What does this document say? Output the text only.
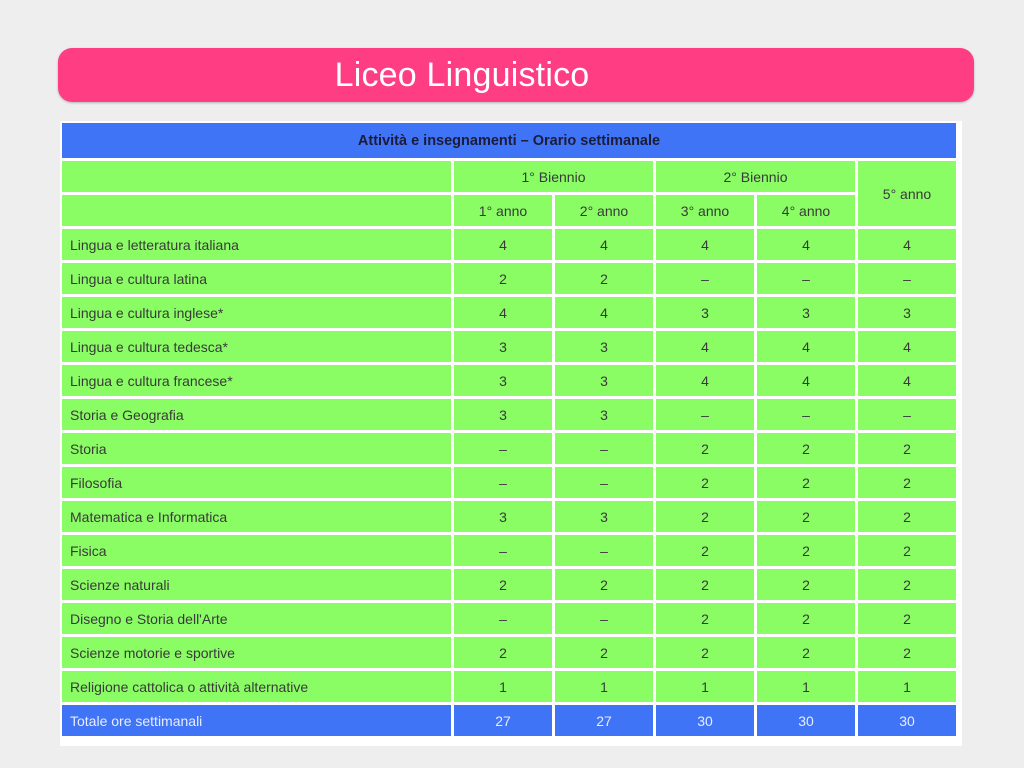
Liceo Linguistico
Attività e insegnamenti – Orario settimanale					
	1° Biennio		2° Biennio		5° anno
	1° anno	2° anno	3° anno	4° anno	
Lingua e letteratura italiana	4	4	4	4	4
Lingua e cultura latina	2	2	–	–	–
Lingua e cultura inglese*	4	4	3	3	3
Lingua e cultura tedesca*	3	3	4	4	4
Lingua e cultura francese*	3	3	4	4	4
Storia e Geografia	3	3	–	–	–
Storia	–	–	2	2	2
Filosofia	–	–	2	2	2
Matematica e Informatica	3	3	2	2	2
Fisica	–	–	2	2	2
Scienze naturali	2	2	2	2	2
Disegno e Storia dell'Arte	–	–	2	2	2
Scienze motorie e sportive	2	2	2	2	2
Religione cattolica o attività alternative	1	1	1	1	1
Totale ore settimanali	27	27	30	30	30
